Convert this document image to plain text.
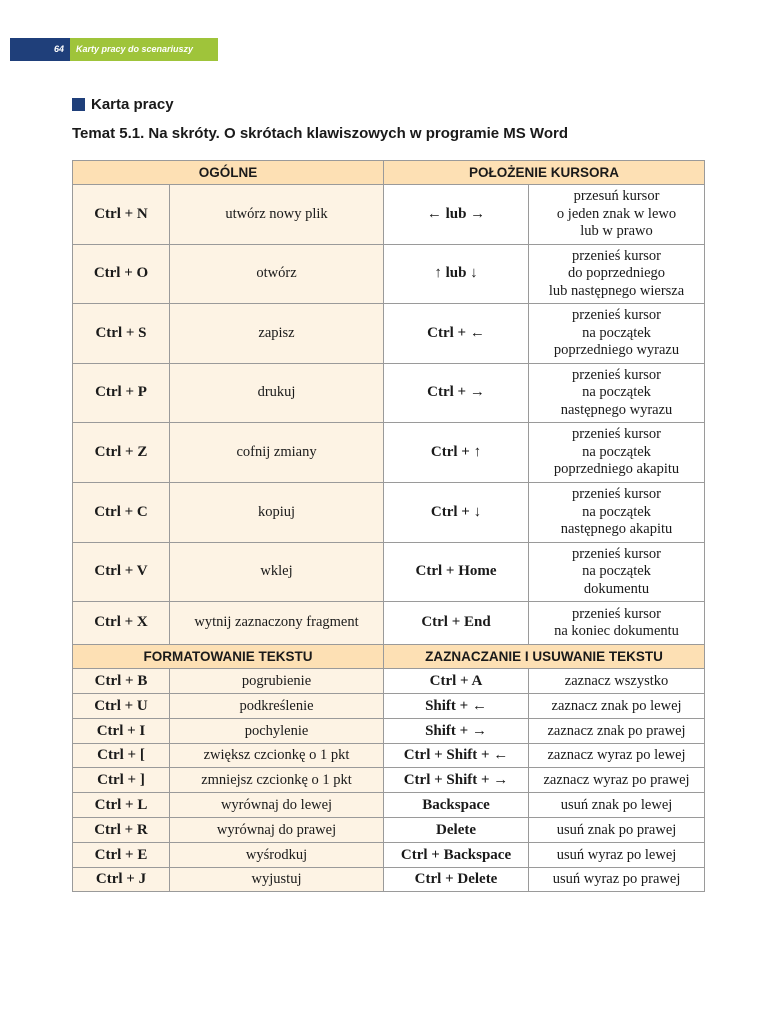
64	Karty pracy do scenariuszy
Karta pracy
Temat 5.1. Na skróty. O skrótach klawiszowych w programie MS Word
OGÓLNE		POŁOŻENIE KURSORA	
Ctrl + N	utwórz nowy plik	← lub →	przesuń kursor
o jeden znak w lewo
lub w prawo
Ctrl + O	otwórz	↑ lub ↓	przenieś kursor
do poprzedniego
lub następnego wiersza
Ctrl + S	zapisz	Ctrl + ←	przenieś kursor
na początek
poprzedniego wyrazu
Ctrl + P	drukuj	Ctrl + →	przenieś kursor
na początek
następnego wyrazu
Ctrl + Z	cofnij zmiany	Ctrl + ↑	przenieś kursor
na początek
poprzedniego akapitu
Ctrl + C	kopiuj	Ctrl + ↓	przenieś kursor
na początek
następnego akapitu
Ctrl + V	wklej	Ctrl + Home	przenieś kursor
na początek
dokumentu
Ctrl + X	wytnij zaznaczony fragment	Ctrl + End	przenieś kursor
na koniec dokumentu
FORMATOWANIE TEKSTU		ZAZNACZANIE I USUWANIE TEKSTU	
Ctrl + B	pogrubienie	Ctrl + A	zaznacz wszystko
Ctrl + U	podkreślenie	Shift + ←	zaznacz znak po lewej
Ctrl + I	pochylenie	Shift + →	zaznacz znak po prawej
Ctrl + [	zwiększ czcionkę o 1 pkt	Ctrl + Shift + ←	zaznacz wyraz po lewej
Ctrl + ]	zmniejsz czcionkę o 1 pkt	Ctrl + Shift + →	zaznacz wyraz po prawej
Ctrl + L	wyrównaj do lewej	Backspace	usuń znak po lewej
Ctrl + R	wyrównaj do prawej	Delete	usuń znak po prawej
Ctrl + E	wyśrodkuj	Ctrl + Backspace	usuń wyraz po lewej
Ctrl + J	wyjustuj	Ctrl + Delete	usuń wyraz po prawej
